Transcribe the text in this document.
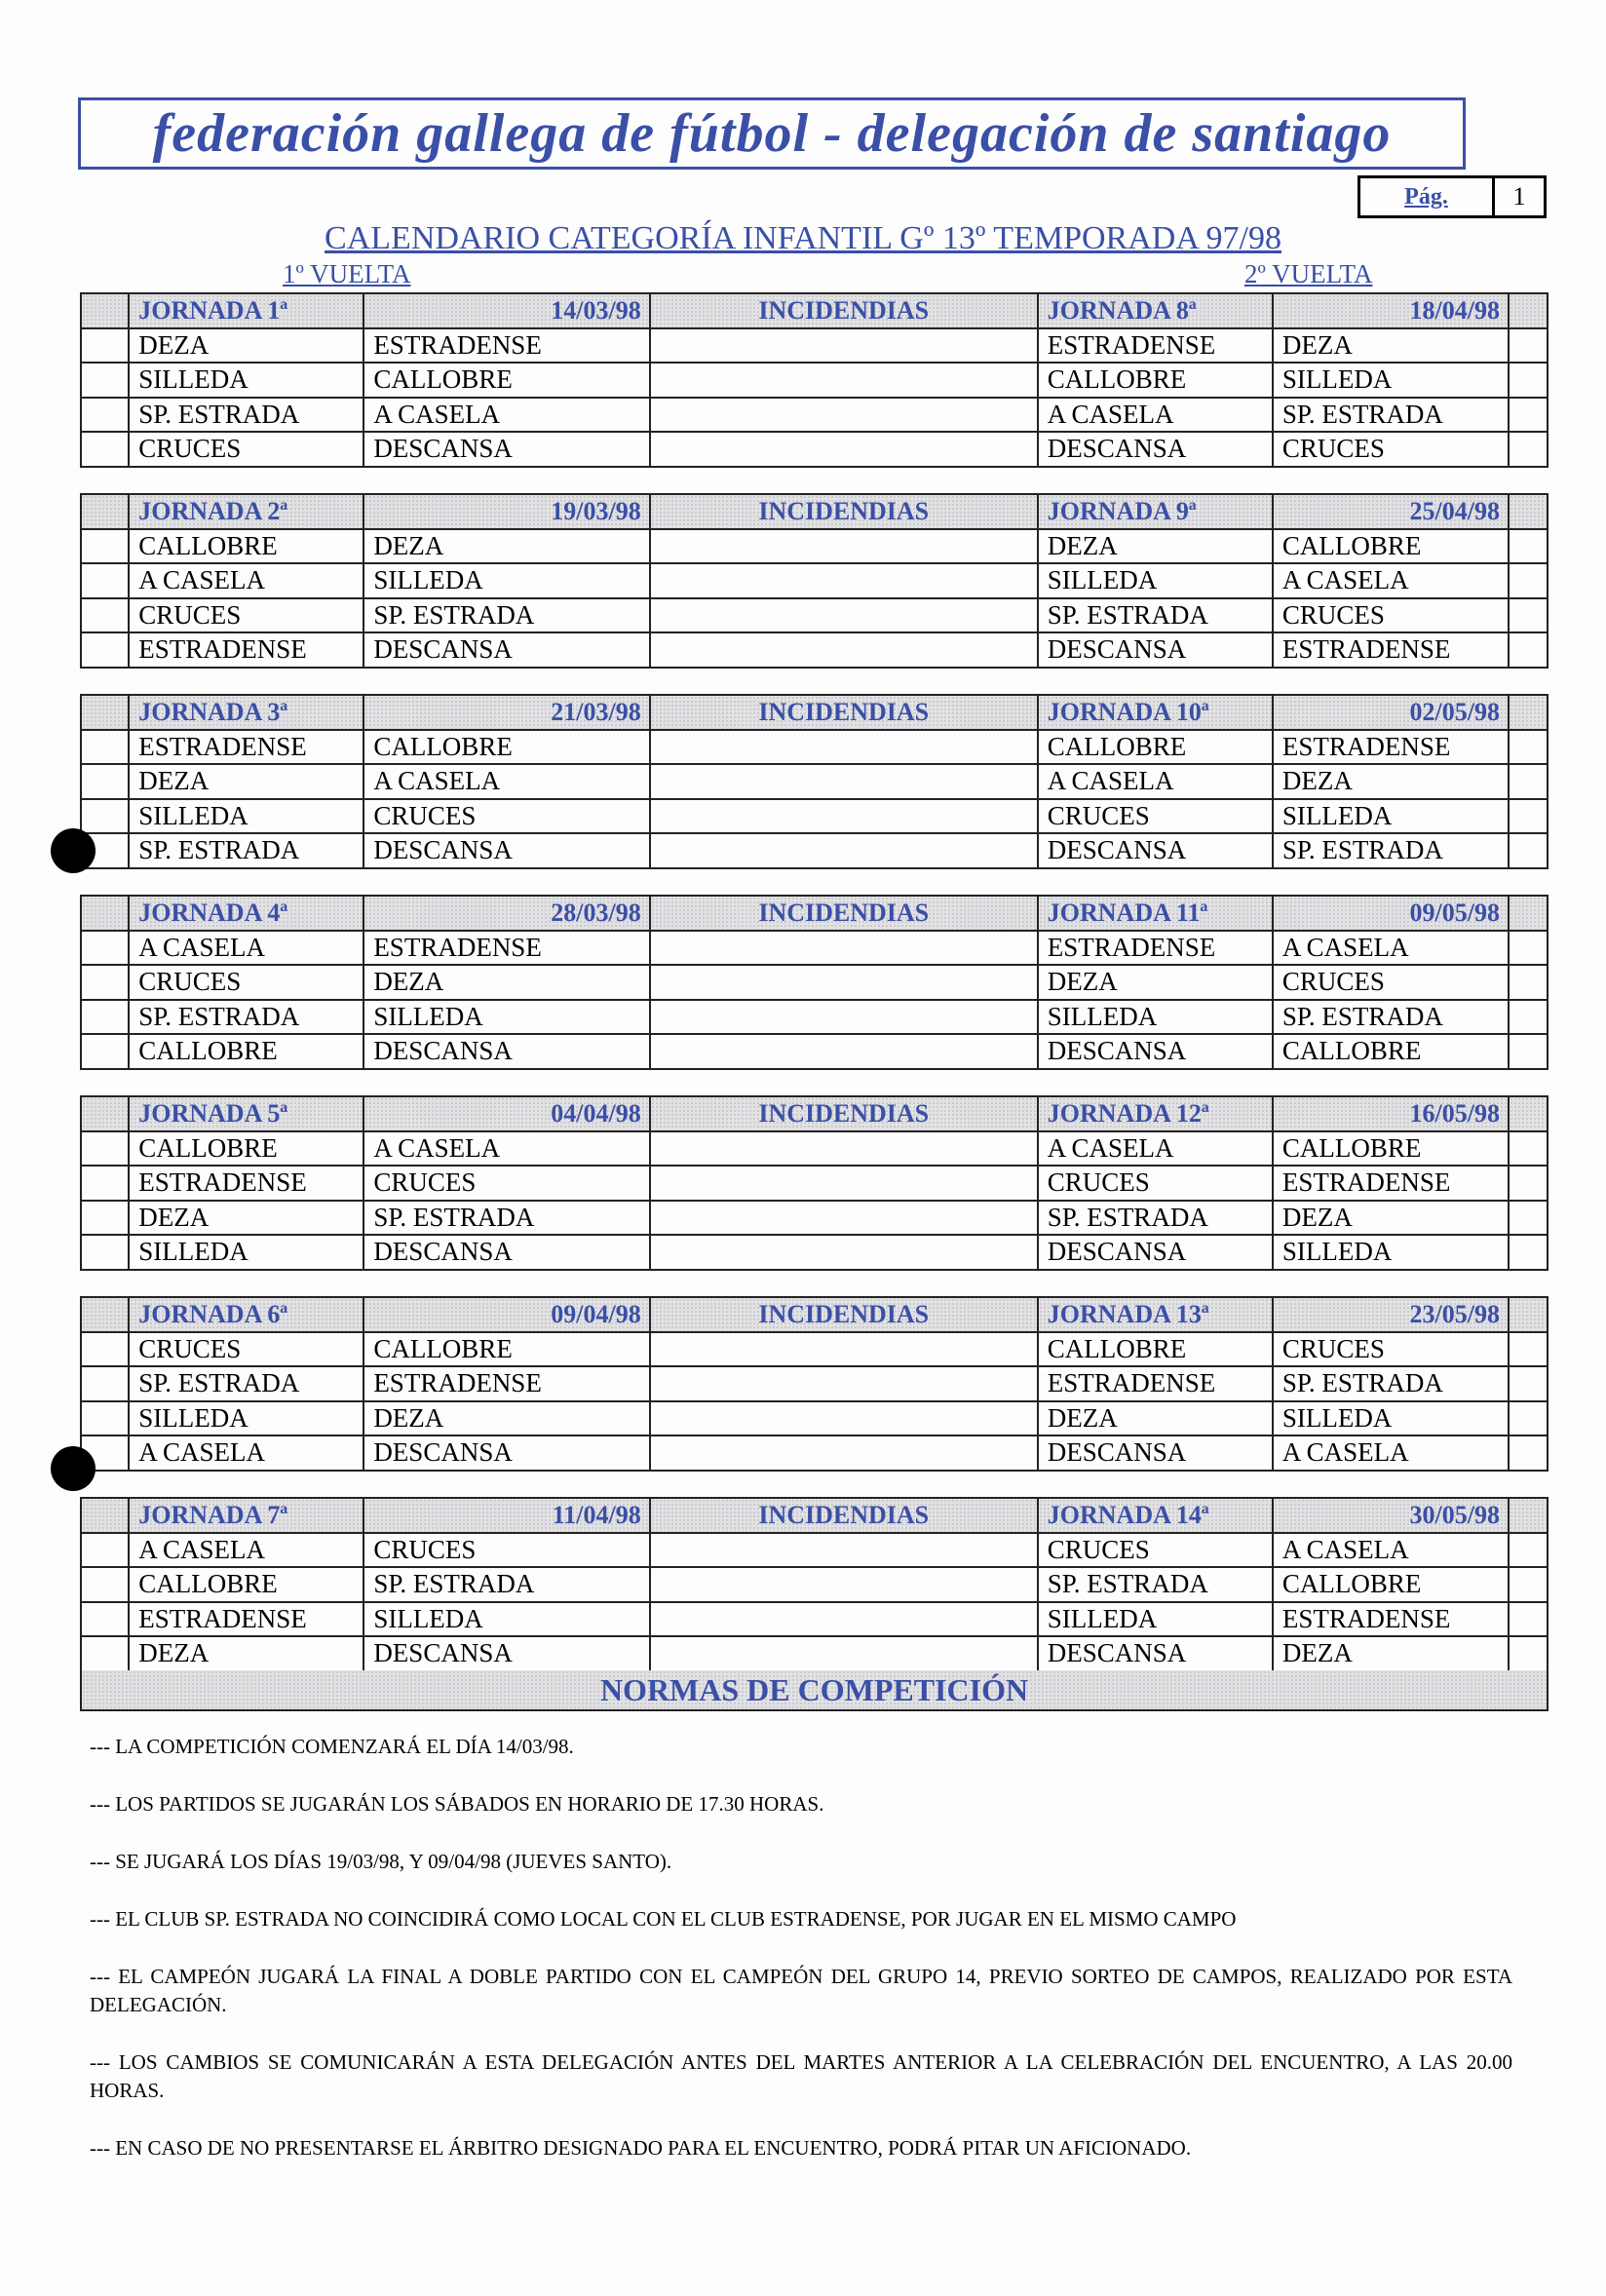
federación gallega de fútbol - delegación de santiago
Pág.	1
CALENDARIO CATEGORÍA INFANTIL Gº 13º TEMPORADA 97/98
1º VUELTA	2º VUELTA
	JORNADA 1ª	14/03/98	INCIDENDIAS	JORNADA 8ª	18/04/98	
	DEZA	ESTRADENSE		ESTRADENSE	DEZA	
	SILLEDA	CALLOBRE		CALLOBRE	SILLEDA	
	SP. ESTRADA	A CASELA		A CASELA	SP. ESTRADA	
	CRUCES	DESCANSA		DESCANSA	CRUCES	
	JORNADA 2ª	19/03/98	INCIDENDIAS	JORNADA 9ª	25/04/98	
	CALLOBRE	DEZA		DEZA	CALLOBRE	
	A CASELA	SILLEDA		SILLEDA	A CASELA	
	CRUCES	SP. ESTRADA		SP. ESTRADA	CRUCES	
	ESTRADENSE	DESCANSA		DESCANSA	ESTRADENSE	
	JORNADA 3ª	21/03/98	INCIDENDIAS	JORNADA 10ª	02/05/98	
	ESTRADENSE	CALLOBRE		CALLOBRE	ESTRADENSE	
	DEZA	A CASELA		A CASELA	DEZA	
	SILLEDA	CRUCES		CRUCES	SILLEDA	
	SP. ESTRADA	DESCANSA		DESCANSA	SP. ESTRADA	
	JORNADA 4ª	28/03/98	INCIDENDIAS	JORNADA 11ª	09/05/98	
	A CASELA	ESTRADENSE		ESTRADENSE	A CASELA	
	CRUCES	DEZA		DEZA	CRUCES	
	SP. ESTRADA	SILLEDA		SILLEDA	SP. ESTRADA	
	CALLOBRE	DESCANSA		DESCANSA	CALLOBRE	
	JORNADA 5ª	04/04/98	INCIDENDIAS	JORNADA 12ª	16/05/98	
	CALLOBRE	A CASELA		A CASELA	CALLOBRE	
	ESTRADENSE	CRUCES		CRUCES	ESTRADENSE	
	DEZA	SP. ESTRADA		SP. ESTRADA	DEZA	
	SILLEDA	DESCANSA		DESCANSA	SILLEDA	
	JORNADA 6ª	09/04/98	INCIDENDIAS	JORNADA 13ª	23/05/98	
	CRUCES	CALLOBRE		CALLOBRE	CRUCES	
	SP. ESTRADA	ESTRADENSE		ESTRADENSE	SP. ESTRADA	
	SILLEDA	DEZA		DEZA	SILLEDA	
	A CASELA	DESCANSA		DESCANSA	A CASELA	
	JORNADA 7ª	11/04/98	INCIDENDIAS	JORNADA 14ª	30/05/98	
	A CASELA	CRUCES		CRUCES	A CASELA	
	CALLOBRE	SP. ESTRADA		SP. ESTRADA	CALLOBRE	
	ESTRADENSE	SILLEDA		SILLEDA	ESTRADENSE	
	DEZA	DESCANSA		DESCANSA	DEZA	
NORMAS DE COMPETICIÓN
--- LA COMPETICIÓN COMENZARÁ EL DÍA 14/03/98.
--- LOS PARTIDOS SE JUGARÁN LOS SÁBADOS EN HORARIO DE 17.30 HORAS.
--- SE JUGARÁ LOS DÍAS 19/03/98, Y 09/04/98 (JUEVES SANTO).
--- EL CLUB SP. ESTRADA NO COINCIDIRÁ COMO LOCAL CON EL CLUB ESTRADENSE, POR JUGAR EN EL MISMO CAMPO
--- EL CAMPEÓN JUGARÁ LA FINAL A DOBLE PARTIDO CON EL CAMPEÓN DEL GRUPO 14, PREVIO SORTEO DE CAMPOS, REALIZADO POR ESTA DELEGACIÓN.
--- LOS CAMBIOS SE COMUNICARÁN A ESTA DELEGACIÓN ANTES DEL MARTES ANTERIOR A LA CELEBRACIÓN DEL ENCUENTRO, A LAS 20.00 HORAS.
--- EN CASO DE NO PRESENTARSE EL ÁRBITRO DESIGNADO PARA EL ENCUENTRO, PODRÁ PITAR UN AFICIONADO.
